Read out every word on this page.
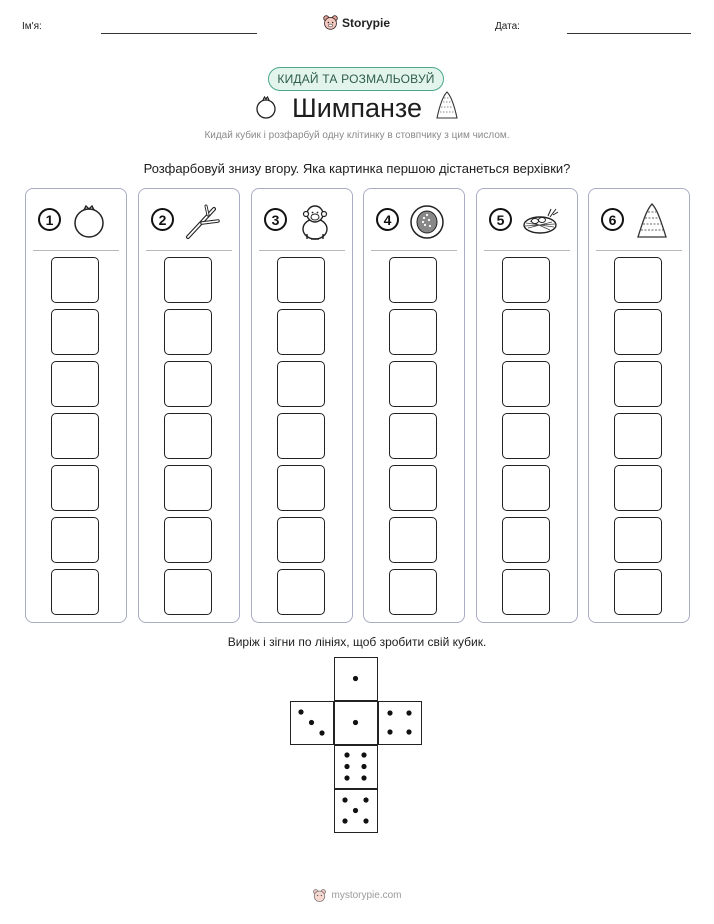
Ім'я:	Storypie	Дата:
КИДАЙ ТА РОЗМАЛЬОВУЙ
Шимпанзе
Кидай кубик і розфарбуй одну клітинку в стовпчику з цим числом.
Розфарбовуй знизу вгору. Яка картинка першою дістанеться верхівки?
1	2	3	4	5	6
Виріж і зігни по лініях, щоб зробити свій кубик.
mystorypie.com
